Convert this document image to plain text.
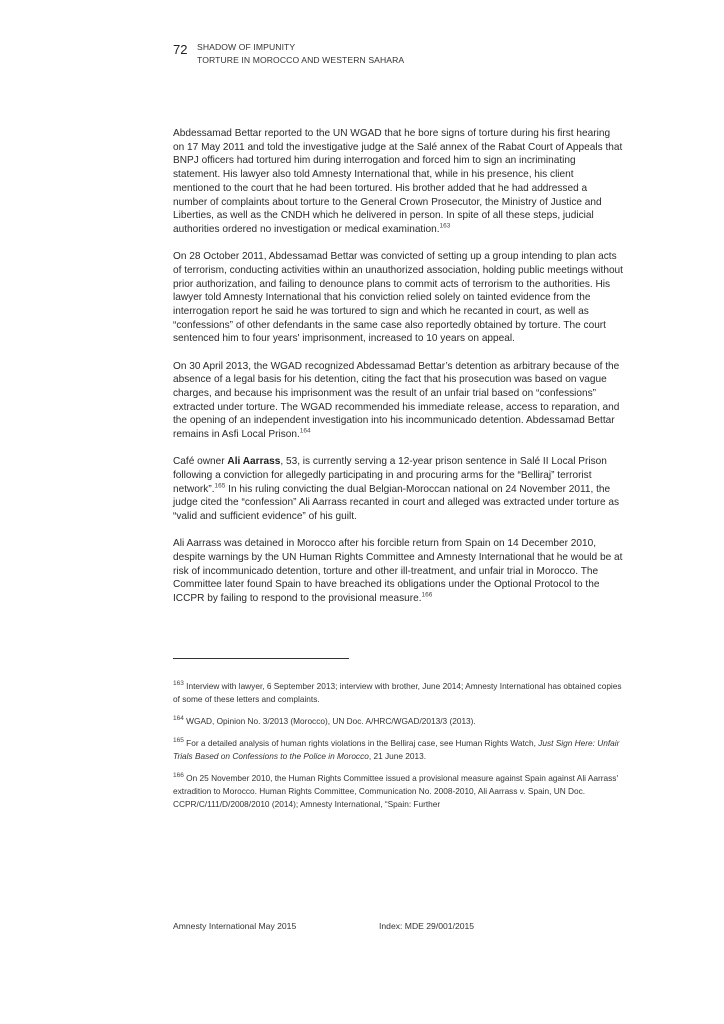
72 SHADOW OF IMPUNITY
TORTURE IN MOROCCO AND WESTERN SAHARA

Abdessamad Bettar reported to the UN WGAD that he bore signs of torture during his first hearing on 17 May 2011 and told the investigative judge at the Salé annex of the Rabat Court of Appeals that BNPJ officers had tortured him during interrogation and forced him to sign an incriminating statement. His lawyer also told Amnesty International that, while in his presence, his client mentioned to the court that he had been tortured. His brother added that he had addressed a number of complaints about torture to the General Crown Prosecutor, the Ministry of Justice and Liberties, as well as the CNDH which he delivered in person. In spite of all these steps, judicial authorities ordered no investigation or medical examination.$^{163}$

On 28 October 2011, Abdessamad Bettar was convicted of setting up a group intending to plan acts of terrorism, conducting activities within an unauthorized association, holding public meetings without prior authorization, and failing to denounce plans to commit acts of terrorism to the authorities. His lawyer told Amnesty International that his conviction relied solely on tainted evidence from the interrogation report he said he was tortured to sign and which he recanted in court, as well as “confessions” of other defendants in the same case also reportedly obtained by torture. The court sentenced him to four years' imprisonment, increased to 10 years on appeal.

On 30 April 2013, the WGAD recognized Abdessamad Bettar’s detention as arbitrary because of the absence of a legal basis for his detention, citing the fact that his prosecution was based on vague charges, and because his imprisonment was the result of an unfair trial based on “confessions” extracted under torture. The WGAD recommended his immediate release, access to reparation, and the opening of an independent investigation into his incommunicado detention. Abdessamad Bettar remains in Asfi Local Prison.$^{164}$

Café owner Ali Aarrass, 53, is currently serving a 12-year prison sentence in Salé II Local Prison following a conviction for allegedly participating in and procuring arms for the “Belliraj” terrorist network”.$^{165}$ In his ruling convicting the dual Belgian-Moroccan national on 24 November 2011, the judge cited the “confession” Ali Aarrass recanted in court and alleged was extracted under torture as “valid and sufficient evidence” of his guilt.

Ali Aarrass was detained in Morocco after his forcible return from Spain on 14 December 2010, despite warnings by the UN Human Rights Committee and Amnesty International that he would be at risk of incommunicado detention, torture and other ill-treatment, and unfair trial in Morocco. The Committee later found Spain to have breached its obligations under the Optional Protocol to the ICCPR by failing to respond to the provisional measure.$^{166}$

$^{163}$ Interview with lawyer, 6 September 2013; interview with brother, June 2014; Amnesty International has obtained copies of some of these letters and complaints.

$^{164}$ WGAD, Opinion No. 3/2013 (Morocco), UN Doc. A/HRC/WGAD/2013/3 (2013).

$^{165}$ For a detailed analysis of human rights violations in the Belliraj case, see Human Rights Watch, Just Sign Here: Unfair Trials Based on Confessions to the Police in Morocco, 21 June 2013.

$^{166}$ On 25 November 2010, the Human Rights Committee issued a provisional measure against Spain against Ali Aarrass' extradition to Morocco. Human Rights Committee, Communication No. 2008-2010, Ali Aarrass v. Spain, UN Doc. CCPR/C/111/D/2008/2010 (2014); Amnesty International, “Spain: Further

Amnesty International May 2015	Index: MDE 29/001/2015
